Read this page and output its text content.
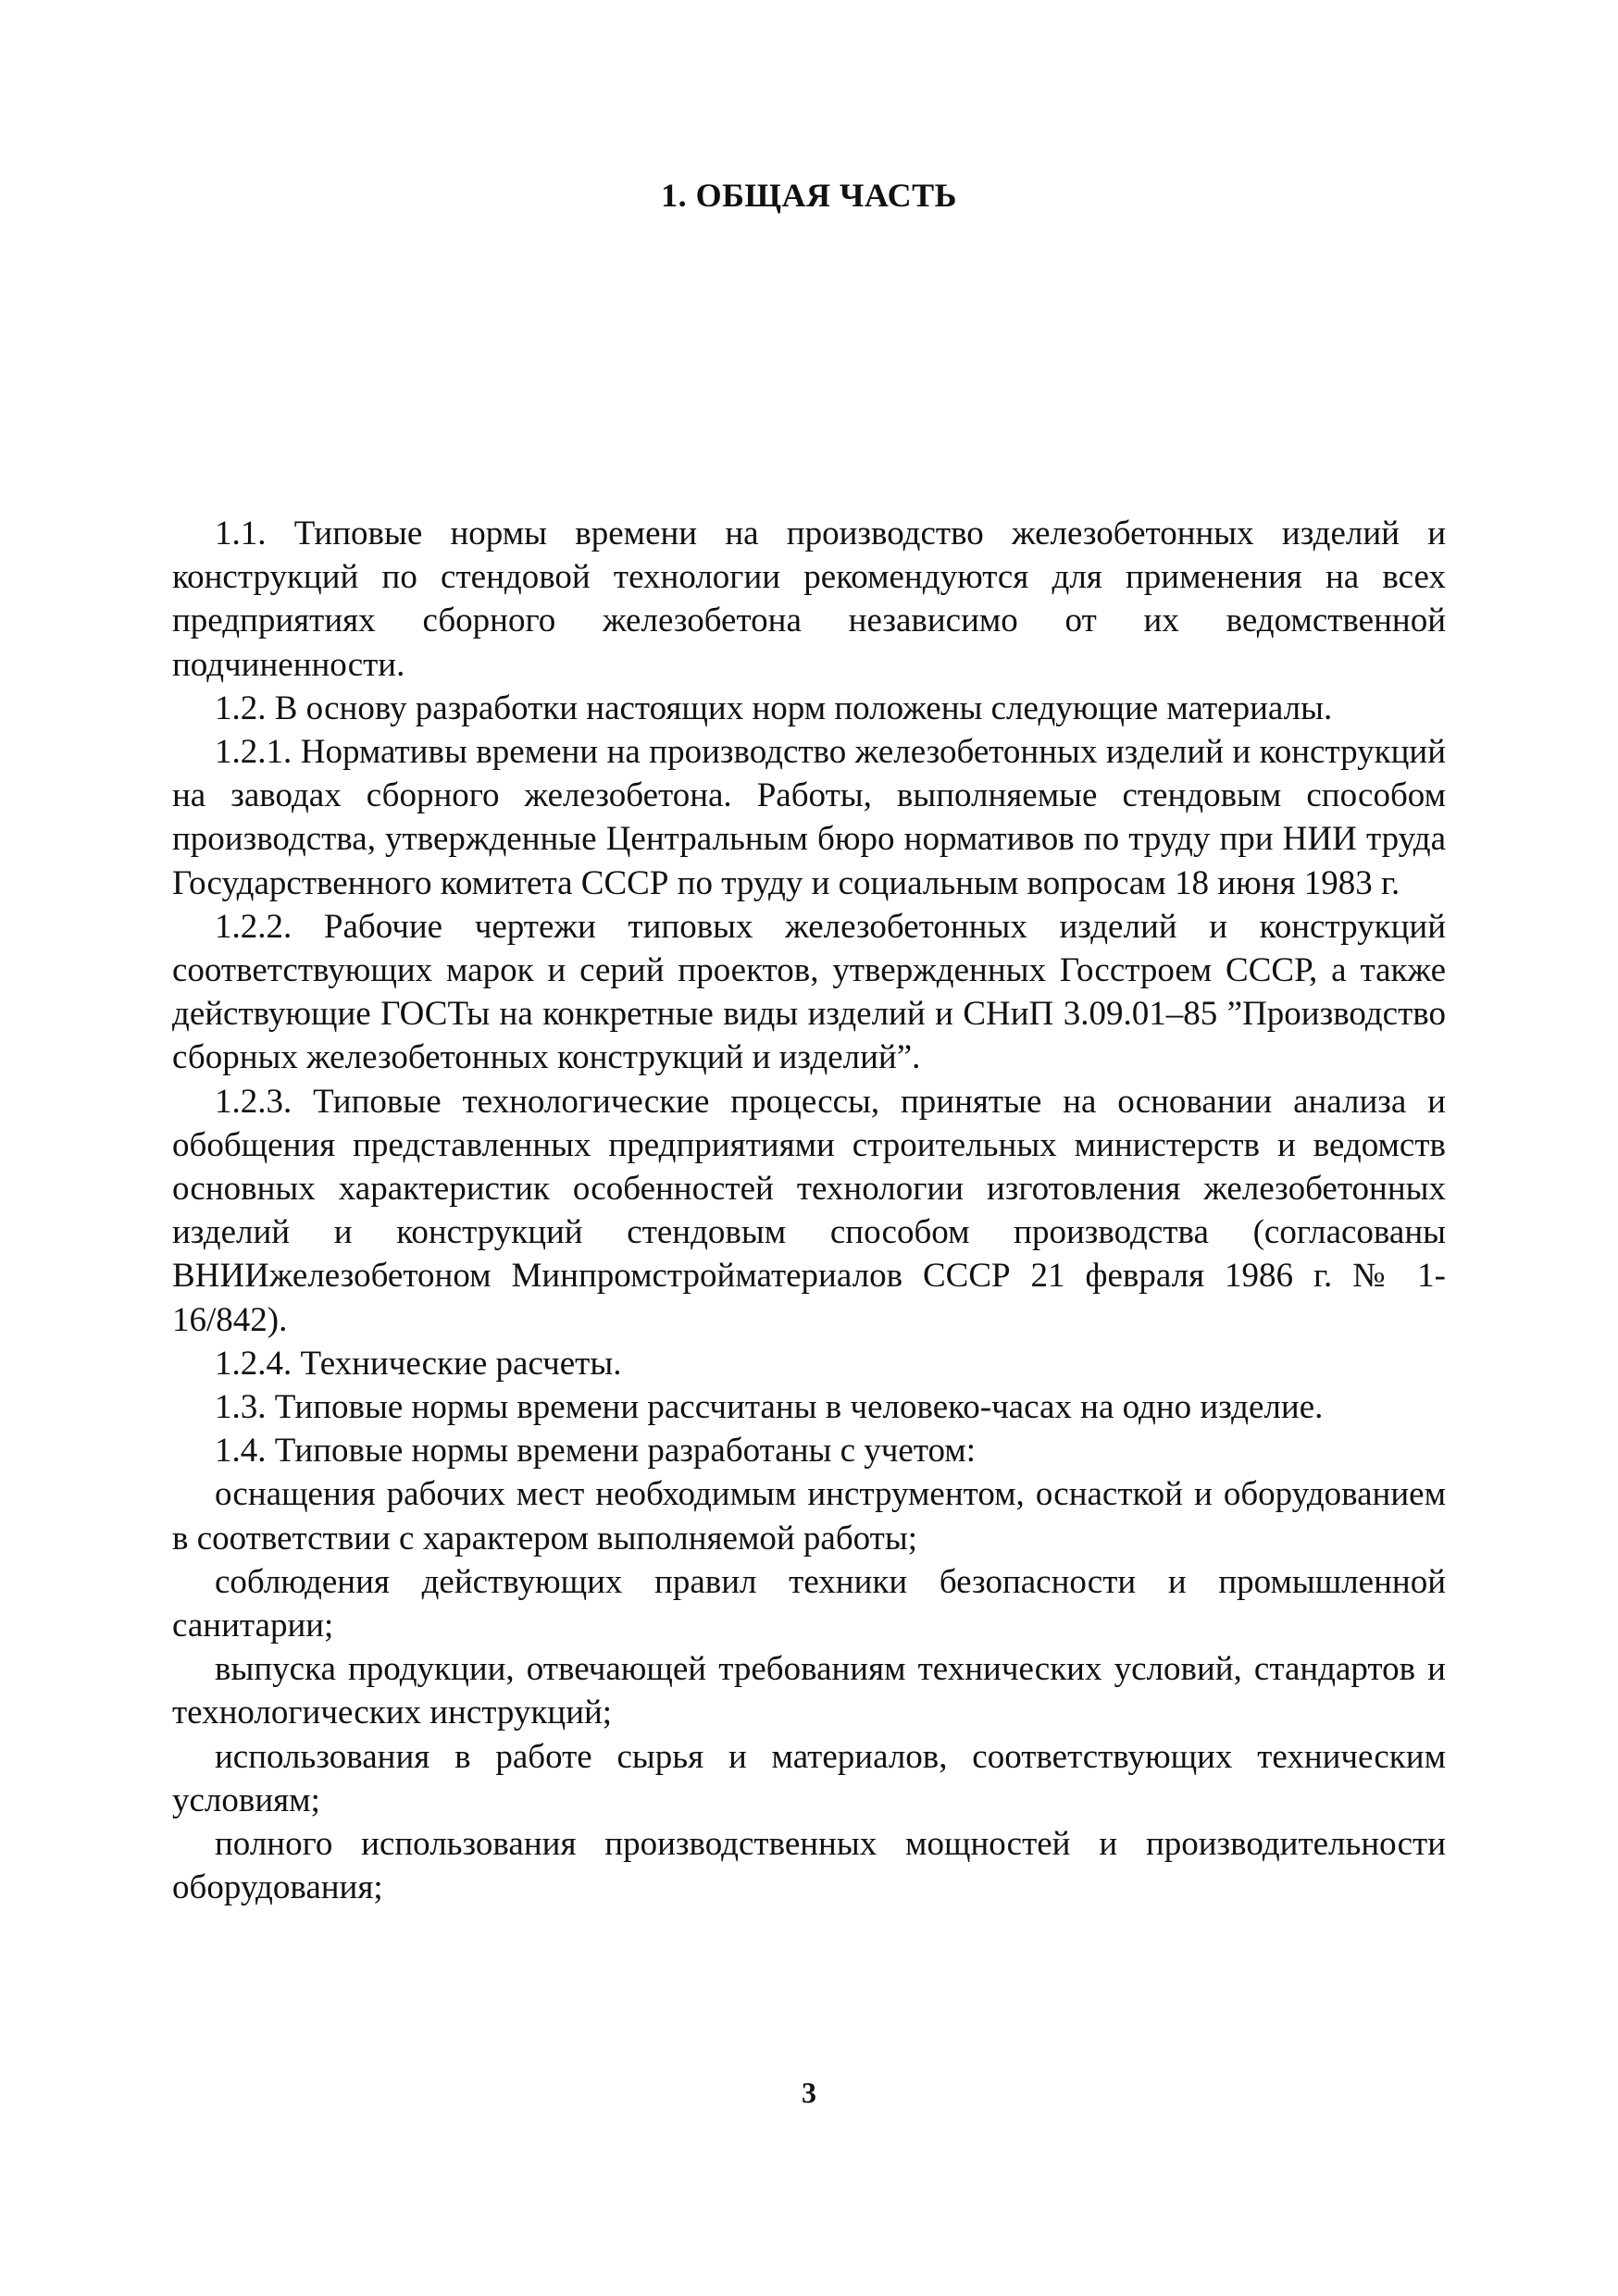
1. ОБЩАЯ ЧАСТЬ

1.1. Типовые нормы времени на производство железобетонных изделий и конструкций по стендовой технологии рекомендуются для применения на всех предприятиях сборного железобетона независимо от их ведомственной подчиненности.

1.2. В основу разработки настоящих норм положены следующие материалы.

1.2.1. Нормативы времени на производство железобетонных изделий и конструкций на заводах сборного железобетона. Работы, выполняемые стендовым способом производства, утвержденные Центральным бюро нормативов по труду при НИИ труда Государственного комитета СССР по труду и социальным вопросам 18 июня 1983 г.

1.2.2. Рабочие чертежи типовых железобетонных изделий и конструкций соответствующих марок и серий проектов, утвержденных Госстроем СССР, а также действующие ГОСТы на конкретные виды изделий и СНиП 3.09.01–85 ”Производство сборных железобетонных конструкций и изделий”.

1.2.3. Типовые технологические процессы, принятые на основании анализа и обобщения представленных предприятиями строительных министерств и ведомств основных характеристик особенностей технологии изготовления железобетонных изделий и конструкций стендовым способом производства (согласованы ВНИИжелезобетоном Минпромстройматериалов СССР 21 февраля 1986 г. № 1-16/842).

1.2.4. Технические расчеты.

1.3. Типовые нормы времени рассчитаны в человеко-часах на одно изделие.

1.4. Типовые нормы времени разработаны с учетом:

оснащения рабочих мест необходимым инструментом, оснасткой и оборудованием в соответствии с характером выполняемой работы;

соблюдения действующих правил техники безопасности и промышленной санитарии;

выпуска продукции, отвечающей требованиям технических условий, стандартов и технологических инструкций;

использования в работе сырья и материалов, соответствующих техническим условиям;

полного использования производственных мощностей и производительности оборудования;

3
